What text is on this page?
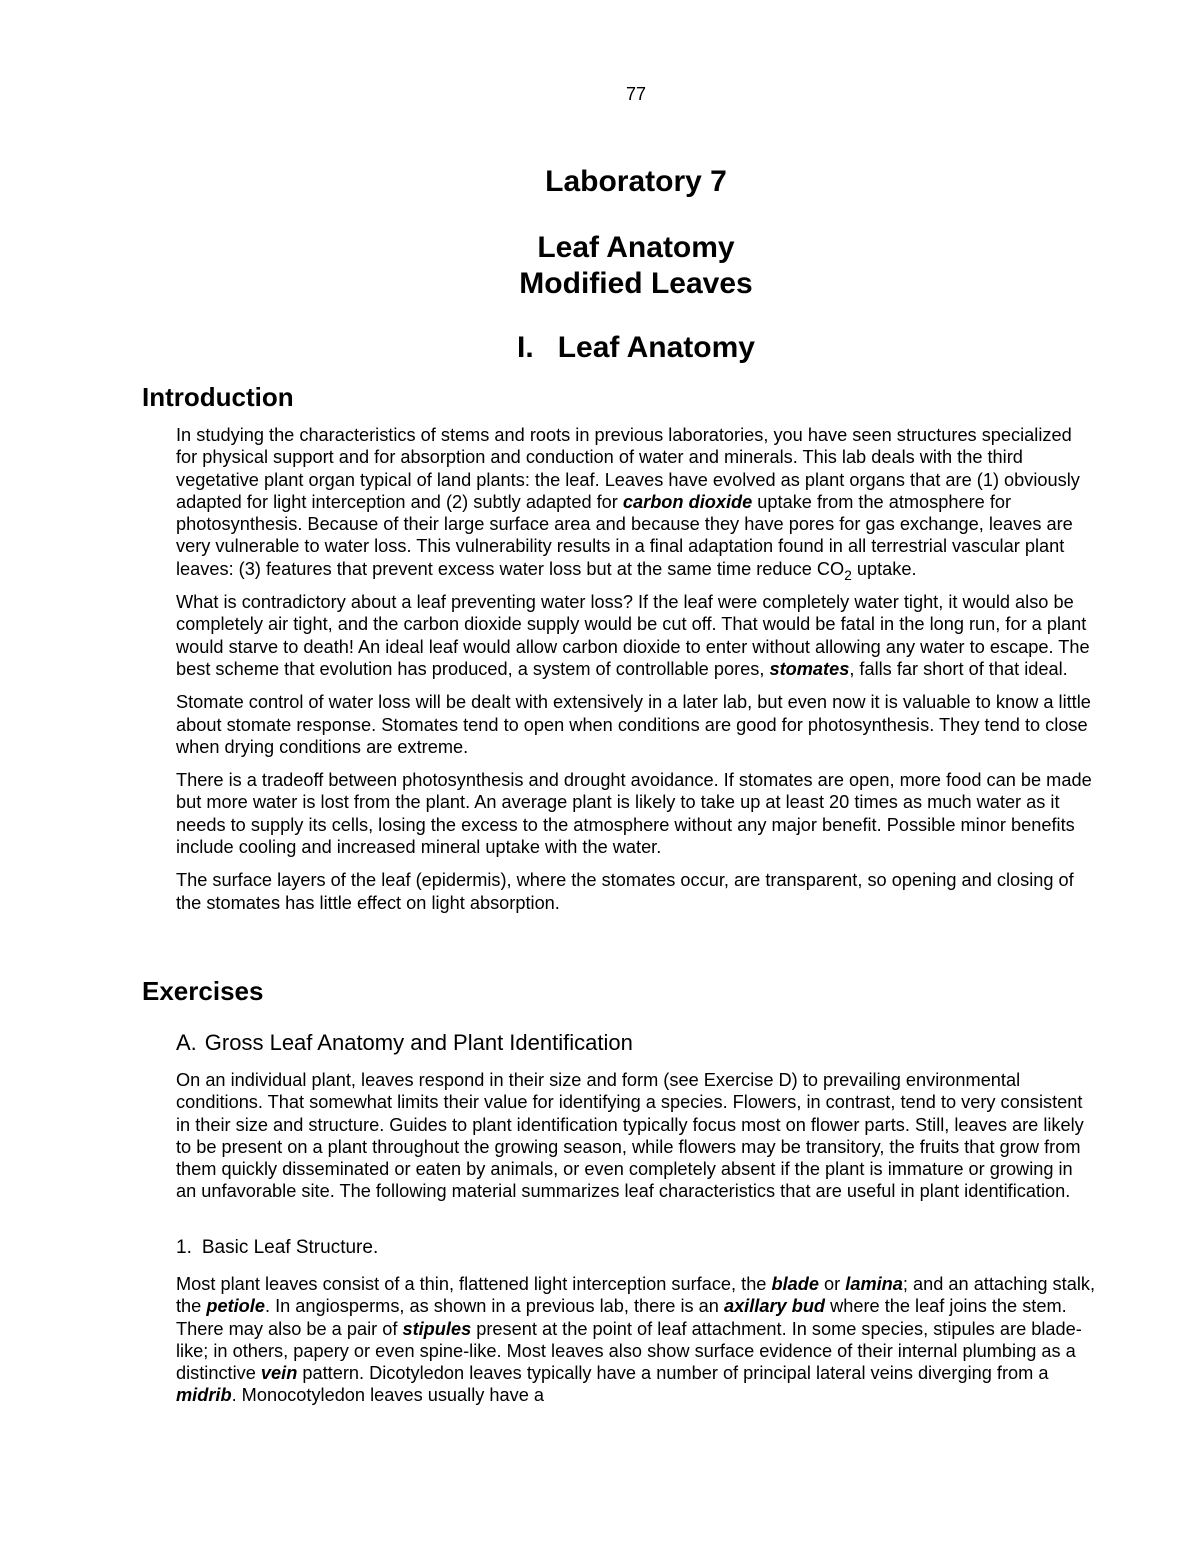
77
Laboratory 7
Leaf Anatomy
Modified Leaves
I. Leaf Anatomy
Introduction

In studying the characteristics of stems and roots in previous laboratories, you have seen structures specialized for physical support and for absorption and conduction of water and minerals. This lab deals with the third vegetative plant organ typical of land plants: the leaf. Leaves have evolved as plant organs that are (1) obviously adapted for light interception and (2) subtly adapted for carbon dioxide uptake from the atmosphere for photosynthesis. Because of their large surface area and because they have pores for gas exchange, leaves are very vulnerable to water loss. This vulnerability results in a final adaptation found in all terrestrial vascular plant leaves: (3) features that prevent excess water loss but at the same time reduce $CO_2$ uptake.

What is contradictory about a leaf preventing water loss? If the leaf were completely water tight, it would also be completely air tight, and the carbon dioxide supply would be cut off. That would be fatal in the long run, for a plant would starve to death! An ideal leaf would allow carbon dioxide to enter without allowing any water to escape. The best scheme that evolution has produced, a system of controllable pores, stomates, falls far short of that ideal.

Stomate control of water loss will be dealt with extensively in a later lab, but even now it is valuable to know a little about stomate response. Stomates tend to open when conditions are good for photosynthesis. They tend to close when drying conditions are extreme.

There is a tradeoff between photosynthesis and drought avoidance. If stomates are open, more food can be made but more water is lost from the plant. An average plant is likely to take up at least 20 times as much water as it needs to supply its cells, losing the excess to the atmosphere without any major benefit. Possible minor benefits include cooling and increased mineral uptake with the water.

The surface layers of the leaf (epidermis), where the stomates occur, are transparent, so opening and closing of the stomates has little effect on light absorption.

Exercises
A. Gross Leaf Anatomy and Plant Identification

On an individual plant, leaves respond in their size and form (see Exercise D) to prevailing environmental conditions. That somewhat limits their value for identifying a species. Flowers, in contrast, tend to very consistent in their size and structure. Guides to plant identification typically focus most on flower parts. Still, leaves are likely to be present on a plant throughout the growing season, while flowers may be transitory, the fruits that grow from them quickly disseminated or eaten by animals, or even completely absent if the plant is immature or growing in an unfavorable site. The following material summarizes leaf characteristics that are useful in plant identification.

1. Basic Leaf Structure.

Most plant leaves consist of a thin, flattened light interception surface, the blade or lamina; and an attaching stalk, the petiole. In angiosperms, as shown in a previous lab, there is an axillary bud where the leaf joins the stem. There may also be a pair of stipules present at the point of leaf attachment. In some species, stipules are blade-like; in others, papery or even spine-like. Most leaves also show surface evidence of their internal plumbing as a distinctive vein pattern. Dicotyledon leaves typically have a number of principal lateral veins diverging from a midrib. Monocotyledon leaves usually have a
